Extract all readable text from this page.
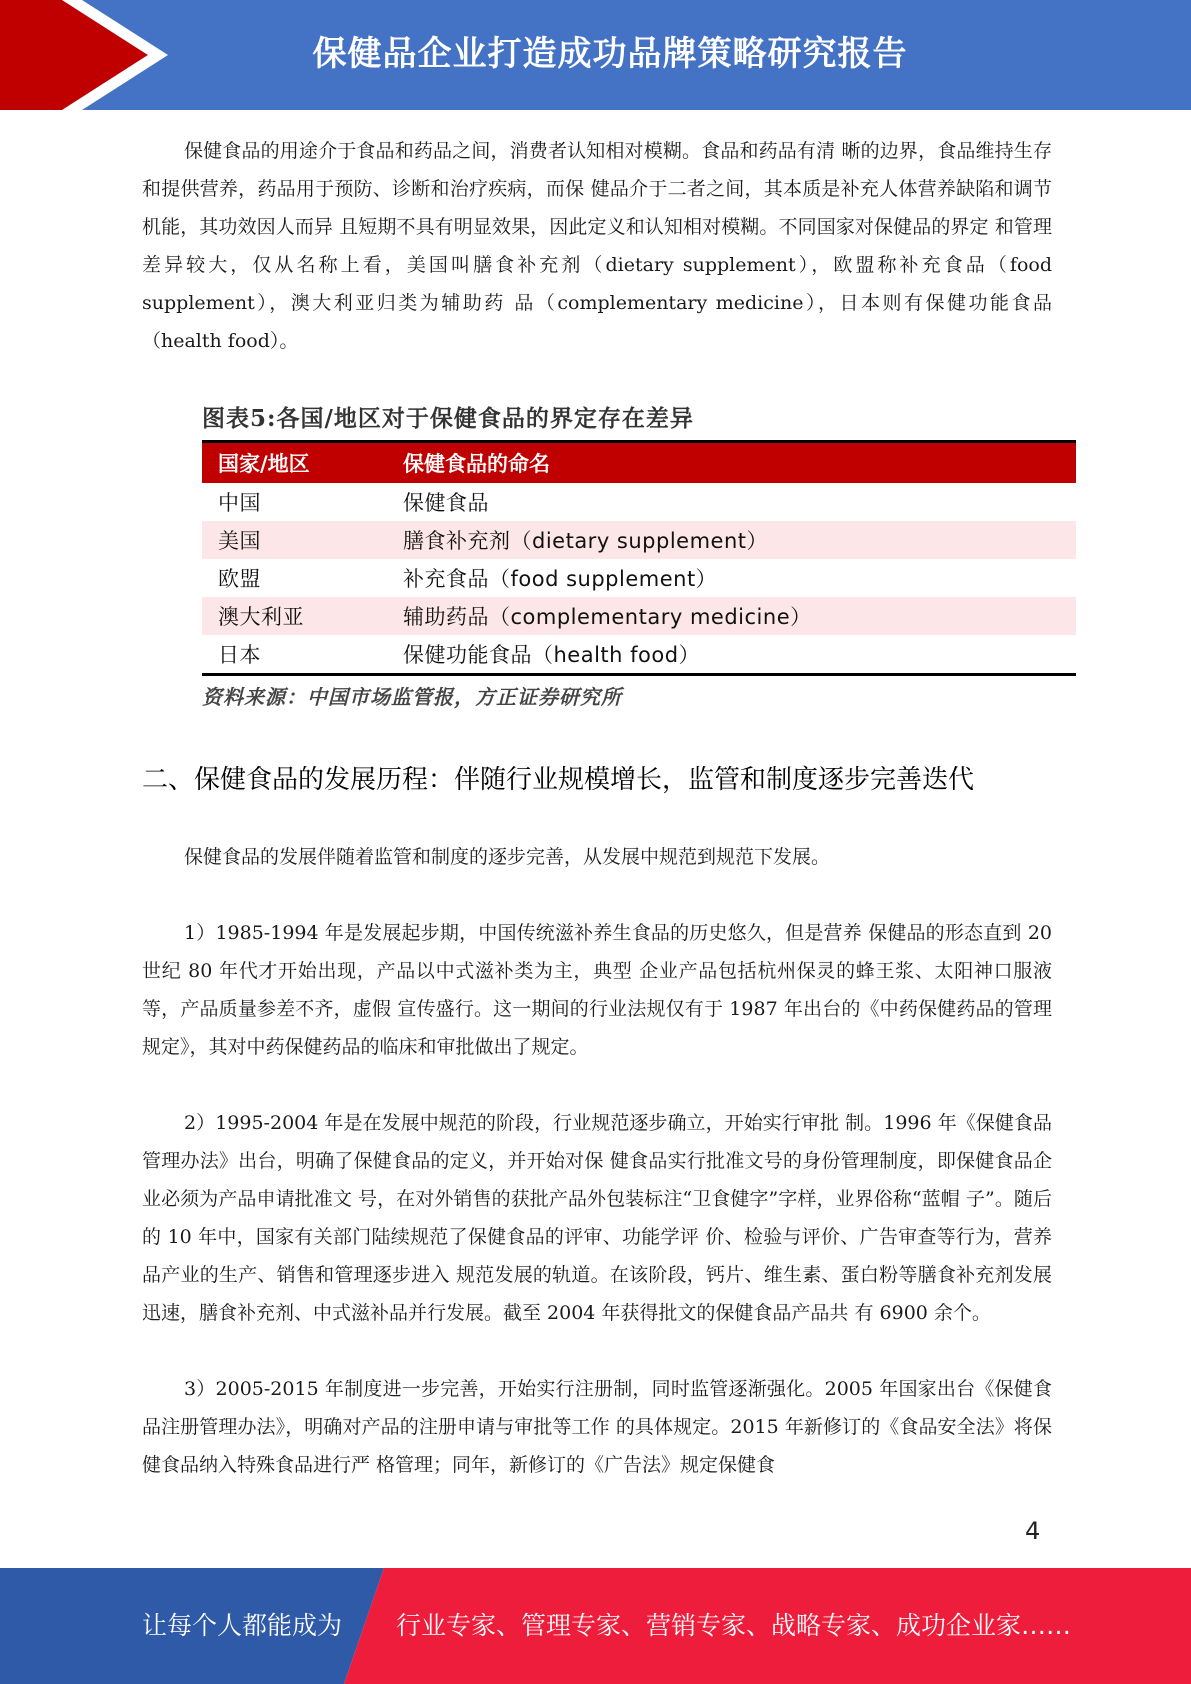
保健品企业打造成功品牌策略研究报告

保健食品的用途介于食品和药品之间，消费者认知相对模糊。食品和药品有清 晰的边界，食品维持生存和提供营养，药品用于预防、诊断和治疗疾病，而保 健品介于二者之间，其本质是补充人体营养缺陷和调节机能，其功效因人而异 且短期不具有明显效果，因此定义和认知相对模糊。不同国家对保健品的界定 和管理差异较大，仅从名称上看，美国叫膳食补充剂（dietary supplement），欧盟称补充食品（food supplement），澳大利亚归类为辅助药 品（complementary medicine），日本则有保健功能食品（health food）。

图表5:各国/地区对于保健食品的界定存在差异
国家/地区	保健食品的命名
中国	保健食品
美国	膳食补充剂（dietary supplement）
欧盟	补充食品（food supplement）
澳大利亚	辅助药品（complementary medicine）
日本	保健功能食品（health food）
资料来源：中国市场监管报，方正证券研究所
二、保健食品的发展历程：伴随行业规模增长，监管和制度逐步完善迭代

保健食品的发展伴随着监管和制度的逐步完善，从发展中规范到规范下发展。

1）1985-1994 年是发展起步期，中国传统滋补养生食品的历史悠久，但是营养 保健品的形态直到 20 世纪 80 年代才开始出现，产品以中式滋补类为主，典型 企业产品包括杭州保灵的蜂王浆、太阳神口服液等，产品质量参差不齐，虚假 宣传盛行。这一期间的行业法规仅有于 1987 年出台的《中药保健药品的管理 规定》，其对中药保健药品的临床和审批做出了规定。

2）1995-2004 年是在发展中规范的阶段，行业规范逐步确立，开始实行审批 制。1996 年《保健食品管理办法》出台，明确了保健食品的定义，并开始对保 健食品实行批准文号的身份管理制度，即保健食品企业必须为产品申请批准文 号，在对外销售的获批产品外包装标注“卫食健字”字样，业界俗称“蓝帽 子”。随后的 10 年中，国家有关部门陆续规范了保健食品的评审、功能学评 价、检验与评价、广告审查等行为，营养品产业的生产、销售和管理逐步进入 规范发展的轨道。在该阶段，钙片、维生素、蛋白粉等膳食补充剂发展迅速，膳食补充剂、中式滋补品并行发展。截至 2004 年获得批文的保健食品产品共 有 6900 余个。

3）2005-2015 年制度进一步完善，开始实行注册制，同时监管逐渐强化。2005 年国家出台《保健食品注册管理办法》，明确对产品的注册申请与审批等工作 的具体规定。2015 年新修订的《食品安全法》将保健食品纳入特殊食品进行严 格管理；同年，新修订的《广告法》规定保健食

4
让每个人都能成为 行业专家、管理专家、营销专家、战略专家、成功企业家……
